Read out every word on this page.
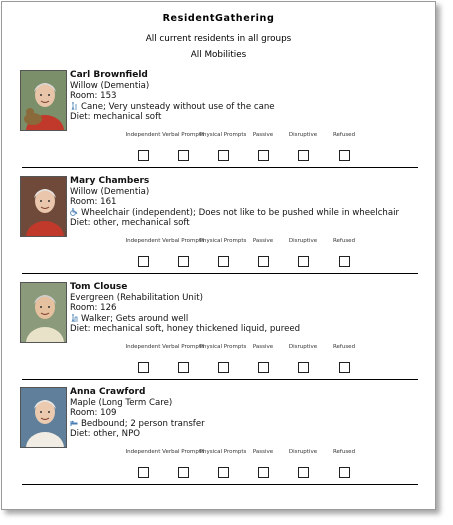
ResidentGathering
All current residents in all groups
All Mobilities
Carl Brownfield
Willow (Dementia)
Room: 153
Cane; Very unsteady without use of the cane
Diet: mechanical soft
Independent Verbal Prompts
Physical Prompts	Passive	Disruptive	Refused
Mary Chambers
Willow (Dementia)
Room: 161
Wheelchair (independent); Does not like to be pushed while in wheelchair
Diet: other, mechanical soft
Independent Verbal Prompts
Physical Prompts	Passive	Disruptive	Refused
Tom Clouse
Evergreen (Rehabilitation Unit)
Room: 126
Walker; Gets around well
Diet: mechanical soft, honey thickened liquid, pureed
Independent Verbal Prompts
Physical Prompts	Passive	Disruptive	Refused
Anna Crawford
Maple (Long Term Care)
Room: 109
Bedbound; 2 person transfer
Diet: other, NPO
Independent Verbal Prompts
Physical Prompts	Passive	Disruptive	Refused
